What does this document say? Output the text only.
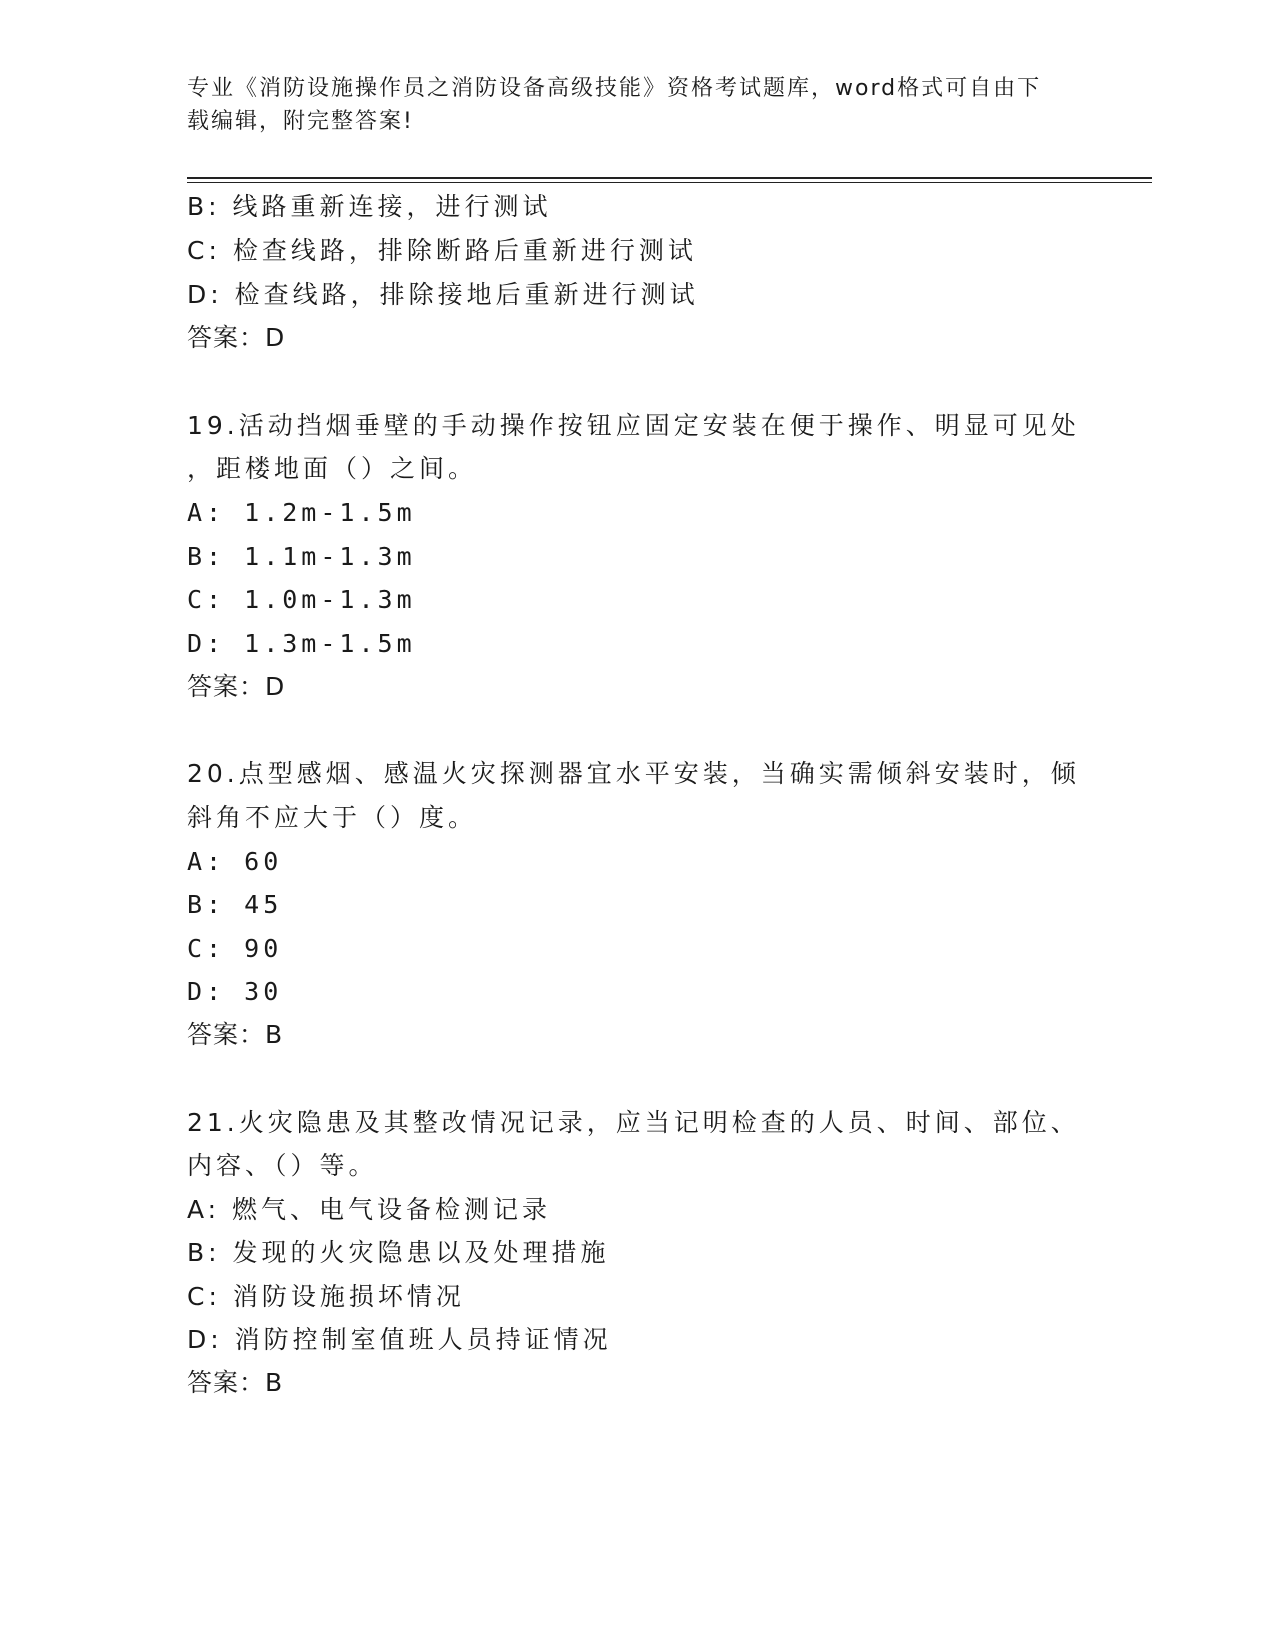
专业《消防设施操作员之消防设备高级技能》资格考试题库，word格式可自由下
载编辑，附完整答案!
B: 线路重新连接，进行测试
C: 检查线路，排除断路后重新进行测试
D: 检查线路，排除接地后重新进行测试
答案：D
19.活动挡烟垂壁的手动操作按钮应固定安装在便于操作、明显可见处
，距楼地面（）之间。
A: 1.2m-1.5m
B: 1.1m-1.3m
C: 1.0m-1.3m
D: 1.3m-1.5m
答案：D
20.点型感烟、感温火灾探测器宜水平安装，当确实需倾斜安装时，倾
斜角不应大于（）度。
A: 60
B: 45
C: 90
D: 30
答案：B
21.火灾隐患及其整改情况记录，应当记明检查的人员、时间、部位、
内容、（）等。
A: 燃气、电气设备检测记录
B: 发现的火灾隐患以及处理措施
C: 消防设施损坏情况
D: 消防控制室值班人员持证情况
答案：B
